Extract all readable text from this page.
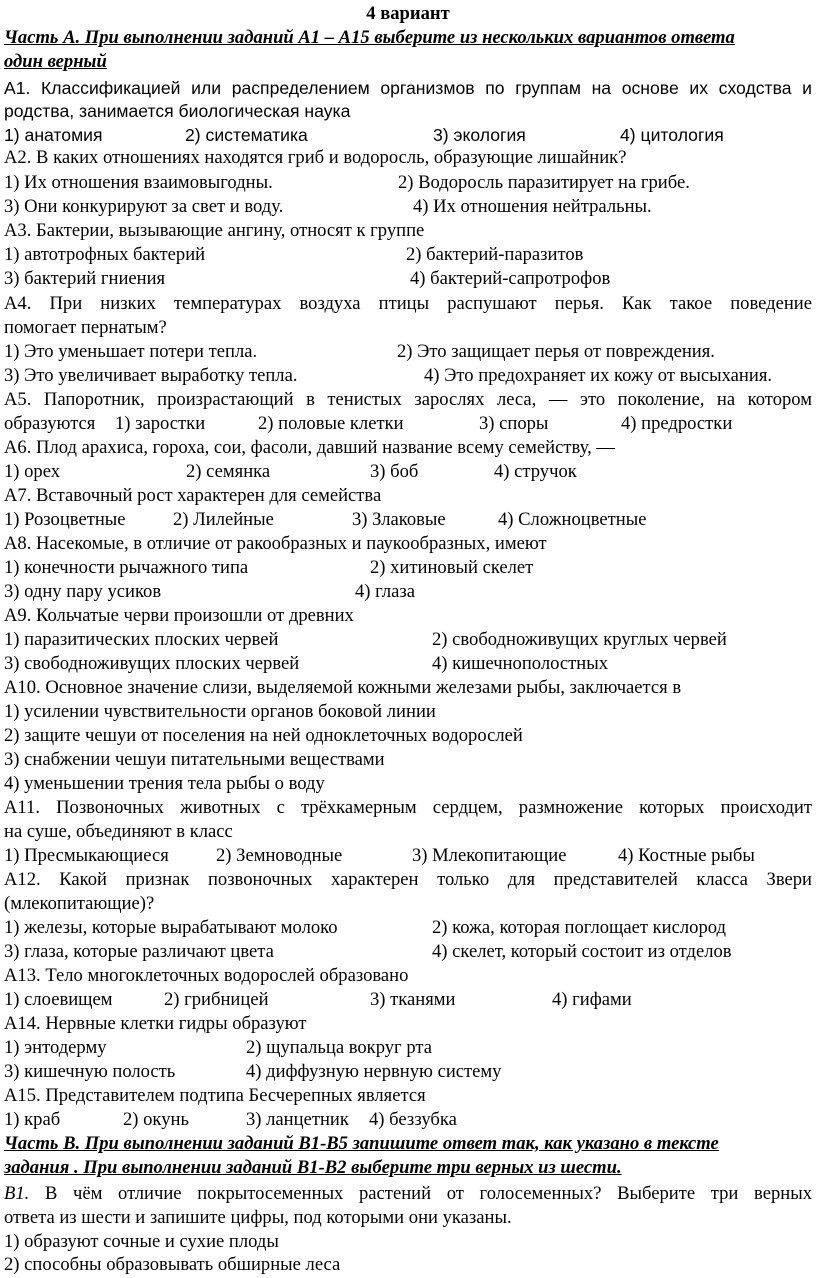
4 вариант
Часть А. При выполнении заданий А1 – А15 выберите из нескольких вариантов ответа
один верный
А1. Классификацией или распределением организмов по группам на основе их сходства и
родства, занимается биологическая наука
1) анатомия	2) систематика	3) экология	4) цитология
А2. В каких отношениях находятся гриб и водоросль, образующие лишайник?
1) Их отношения взаимовыгодны.	2) Водоросль паразитирует на грибе.
3) Они конкурируют за свет и воду.	4) Их отношения нейтральны.
А3. Бактерии, вызывающие ангину, относят к группе
1) автотрофных бактерий	2) бактерий-паразитов
3) бактерий гниения	4) бактерий-сапротрофов
А4. При низких температурах воздуха птицы распушают перья. Как такое поведение
помогает пернатым?
1) Это уменьшает потери тепла.	2) Это защищает перья от повреждения.
3) Это увеличивает выработку тепла.	4) Это предохраняет их кожу от высыхания.
А5. Папоротник, произрастающий в тенистых зарослях леса, — это поколение, на котором
образуются 1) заростки	2) половые клетки	3) споры	4) предростки
А6. Плод арахиса, гороха, сои, фасоли, давший название всему семейству, —
1) орех	2) семянка	3) боб	4) стручок
А7. Вставочный рост характерен для семейства
1) Розоцветные	2) Лилейные	3) Злаковые	4) Сложноцветные
А8. Насекомые, в отличие от ракообразных и паукообразных, имеют
1) конечности рычажного типа	2) хитиновый скелет
3) одну пару усиков	4) глаза
А9. Кольчатые черви произошли от древних
1) паразитических плоских червей	2) свободноживущих круглых червей
3) свободноживущих плоских червей	4) кишечнополостных
А10. Основное значение слизи, выделяемой кожными железами рыбы, заключается в
1) усилении чувствительности органов боковой линии
2) защите чешуи от поселения на ней одноклеточных водорослей
3) снабжении чешуи питательными веществами
4) уменьшении трения тела рыбы о воду
А11. Позвоночных животных с трёхкамерным сердцем, размножение которых происходит
на суше, объединяют в класс
1) Пресмыкающиеся	2) Земноводные	3) Млекопитающие	4) Костные рыбы
А12. Какой признак позвоночных характерен только для представителей класса Звери
(млекопитающие)?
1) железы, которые вырабатывают молоко	2) кожа, которая поглощает кислород
3) глаза, которые различают цвета	4) скелет, который состоит из отделов
А13. Тело многоклеточных водорослей образовано
1) слоевищем	2) грибницей	3) тканями	4) гифами
А14. Нервные клетки гидры образуют
1) энтодерму	2) щупальца вокруг рта
3) кишечную полость	4) диффузную нервную систему
А15. Представителем подтипа Бесчерепных является
1) краб	2) окунь	3) ланцетник 4) беззубка
Часть В. При выполнении заданий В1-В5 запишите ответ так, как указано в тексте
задания . При выполнении заданий В1-В2 выберите три верных из шести.
В1. В чём отличие покрытосеменных растений от голосеменных? Выберите три верных
ответа из шести и запишите цифры, под которыми они указаны.
1) образуют сочные и сухие плоды
2) способны образовывать обширные леса
